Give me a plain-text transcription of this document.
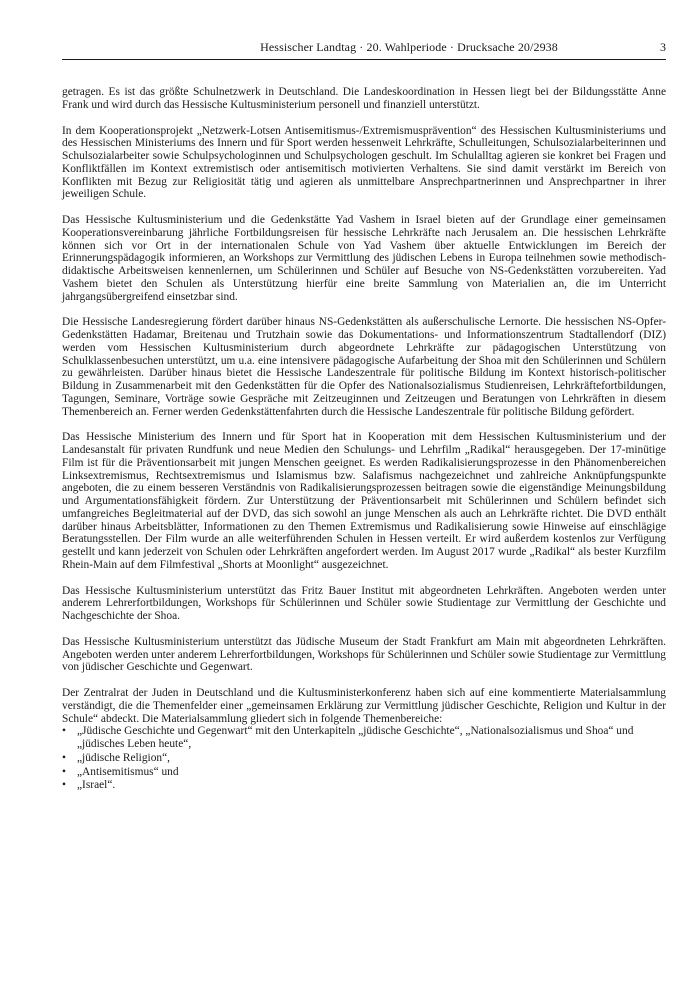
Hessischer Landtag · 20. Wahlperiode · Drucksache 20/2938	3

getragen. Es ist das größte Schulnetzwerk in Deutschland. Die Landeskoordination in Hessen liegt bei der Bildungsstätte Anne Frank und wird durch das Hessische Kultusministerium personell und finanziell unterstützt.

In dem Kooperationsprojekt „Netzwerk-Lotsen Antisemitismus-/Extremismusprävention“ des Hessischen Kultusministeriums und des Hessischen Ministeriums des Innern und für Sport werden hessenweit Lehrkräfte, Schulleitungen, Schulsozialarbeiterinnen und Schulsozialarbeiter sowie Schulpsychologinnen und Schulpsychologen geschult. Im Schulalltag agieren sie konkret bei Fragen und Konfliktfällen im Kontext extremistisch oder antisemitisch motivierten Verhaltens. Sie sind damit verstärkt im Bereich von Konflikten mit Bezug zur Religiosität tätig und agieren als unmittelbare Ansprechpartnerinnen und Ansprechpartner in ihrer jeweiligen Schule.

Das Hessische Kultusministerium und die Gedenkstätte Yad Vashem in Israel bieten auf der Grundlage einer gemeinsamen Kooperationsvereinbarung jährliche Fortbildungsreisen für hessische Lehrkräfte nach Jerusalem an. Die hessischen Lehrkräfte können sich vor Ort in der internationalen Schule von Yad Vashem über aktuelle Entwicklungen im Bereich der Erinnerungspädagogik informieren, an Workshops zur Vermittlung des jüdischen Lebens in Europa teilnehmen sowie methodisch-didaktische Arbeitsweisen kennenlernen, um Schülerinnen und Schüler auf Besuche von NS-Gedenkstätten vorzubereiten. Yad Vashem bietet den Schulen als Unterstützung hierfür eine breite Sammlung von Materialien an, die im Unterricht jahrgangsübergreifend einsetzbar sind.

Die Hessische Landesregierung fördert darüber hinaus NS-Gedenkstätten als außerschulische Lernorte. Die hessischen NS-Opfer-Gedenkstätten Hadamar, Breitenau und Trutzhain sowie das Dokumentations- und Informationszentrum Stadtallendorf (DIZ) werden vom Hessischen Kultusministerium durch abgeordnete Lehrkräfte zur pädagogischen Unterstützung von Schulklassenbesuchen unterstützt, um u.a. eine intensivere pädagogische Aufarbeitung der Shoa mit den Schülerinnen und Schülern zu gewährleisten. Darüber hinaus bietet die Hessische Landeszentrale für politische Bildung im Kontext historisch-politischer Bildung in Zusammenarbeit mit den Gedenkstätten für die Opfer des Nationalsozialismus Studienreisen, Lehrkräftefortbildungen, Tagungen, Seminare, Vorträge sowie Gespräche mit Zeitzeuginnen und Zeitzeugen und Beratungen von Lehrkräften in diesem Themenbereich an. Ferner werden Gedenkstättenfahrten durch die Hessische Landeszentrale für politische Bildung gefördert.

Das Hessische Ministerium des Innern und für Sport hat in Kooperation mit dem Hessischen Kultusministerium und der Landesanstalt für privaten Rundfunk und neue Medien den Schulungs- und Lehrfilm „Radikal“ herausgegeben. Der 17-minütige Film ist für die Präventionsarbeit mit jungen Menschen geeignet. Es werden Radikalisierungsprozesse in den Phänomenbereichen Linksextremismus, Rechtsextremismus und Islamismus bzw. Salafismus nachgezeichnet und zahlreiche Anknüpfungspunkte angeboten, die zu einem besseren Verständnis von Radikalisierungsprozessen beitragen sowie die eigenständige Meinungsbildung und Argumentationsfähigkeit fördern. Zur Unterstützung der Präventionsarbeit mit Schülerinnen und Schülern befindet sich umfangreiches Begleitmaterial auf der DVD, das sich sowohl an junge Menschen als auch an Lehrkräfte richtet. Die DVD enthält darüber hinaus Arbeitsblätter, Informationen zu den Themen Extremismus und Radikalisierung sowie Hinweise auf einschlägige Beratungsstellen. Der Film wurde an alle weiterführenden Schulen in Hessen verteilt. Er wird außerdem kostenlos zur Verfügung gestellt und kann jederzeit von Schulen oder Lehrkräften angefordert werden. Im August 2017 wurde „Radikal“ als bester Kurzfilm Rhein-Main auf dem Filmfestival „Shorts at Moonlight“ ausgezeichnet.

Das Hessische Kultusministerium unterstützt das Fritz Bauer Institut mit abgeordneten Lehrkräften. Angeboten werden unter anderem Lehrerfortbildungen, Workshops für Schülerinnen und Schüler sowie Studientage zur Vermittlung der Geschichte und Nachgeschichte der Shoa.

Das Hessische Kultusministerium unterstützt das Jüdische Museum der Stadt Frankfurt am Main mit abgeordneten Lehrkräften. Angeboten werden unter anderem Lehrerfortbildungen, Workshops für Schülerinnen und Schüler sowie Studientage zur Vermittlung von jüdischer Geschichte und Gegenwart.

Der Zentralrat der Juden in Deutschland und die Kultusministerkonferenz haben sich auf eine kommentierte Materialsammlung verständigt, die die Themenfelder einer „gemeinsamen Erklärung zur Vermittlung jüdischer Geschichte, Religion und Kultur in der Schule“ abdeckt. Die Materialsammlung gliedert sich in folgende Themenbereiche:

• „Jüdische Geschichte und Gegenwart“ mit den Unterkapiteln „jüdische Geschichte“, „Nationalsozialismus und Shoa“ und „jüdisches Leben heute“,
• „jüdische Religion“,
• „Antisemitismus“ und
• „Israel“.
